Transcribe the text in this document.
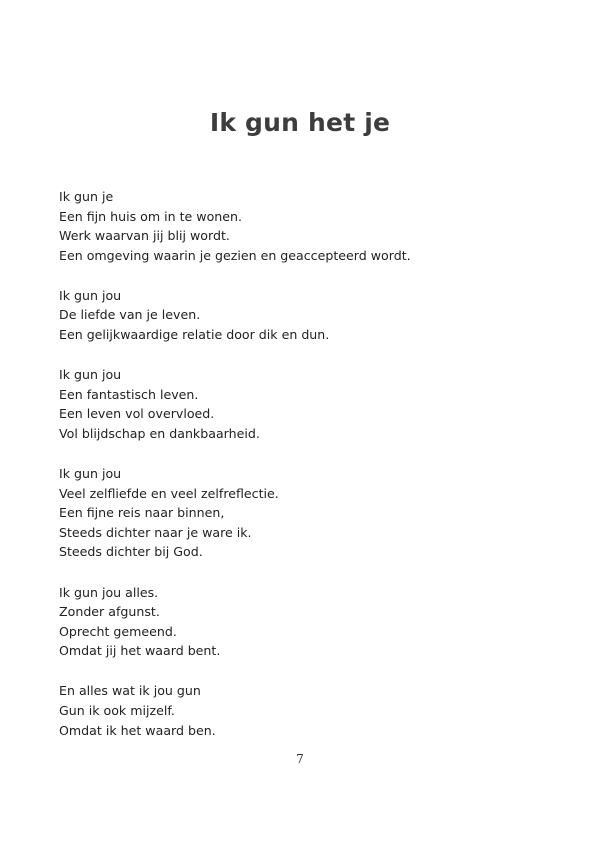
Ik gun het je
Ik gun je
Een fijn huis om in te wonen.
Werk waarvan jij blij wordt.
Een omgeving waarin je gezien en geaccepteerd wordt.
Ik gun jou
De liefde van je leven.
Een gelijkwaardige relatie door dik en dun.
Ik gun jou
Een fantastisch leven.
Een leven vol overvloed.
Vol blijdschap en dankbaarheid.
Ik gun jou
Veel zelfliefde en veel zelfreflectie.
Een fijne reis naar binnen,
Steeds dichter naar je ware ik.
Steeds dichter bij God.
Ik gun jou alles.
Zonder afgunst.
Oprecht gemeend.
Omdat jij het waard bent.
En alles wat ik jou gun
Gun ik ook mijzelf.
Omdat ik het waard ben.
7
